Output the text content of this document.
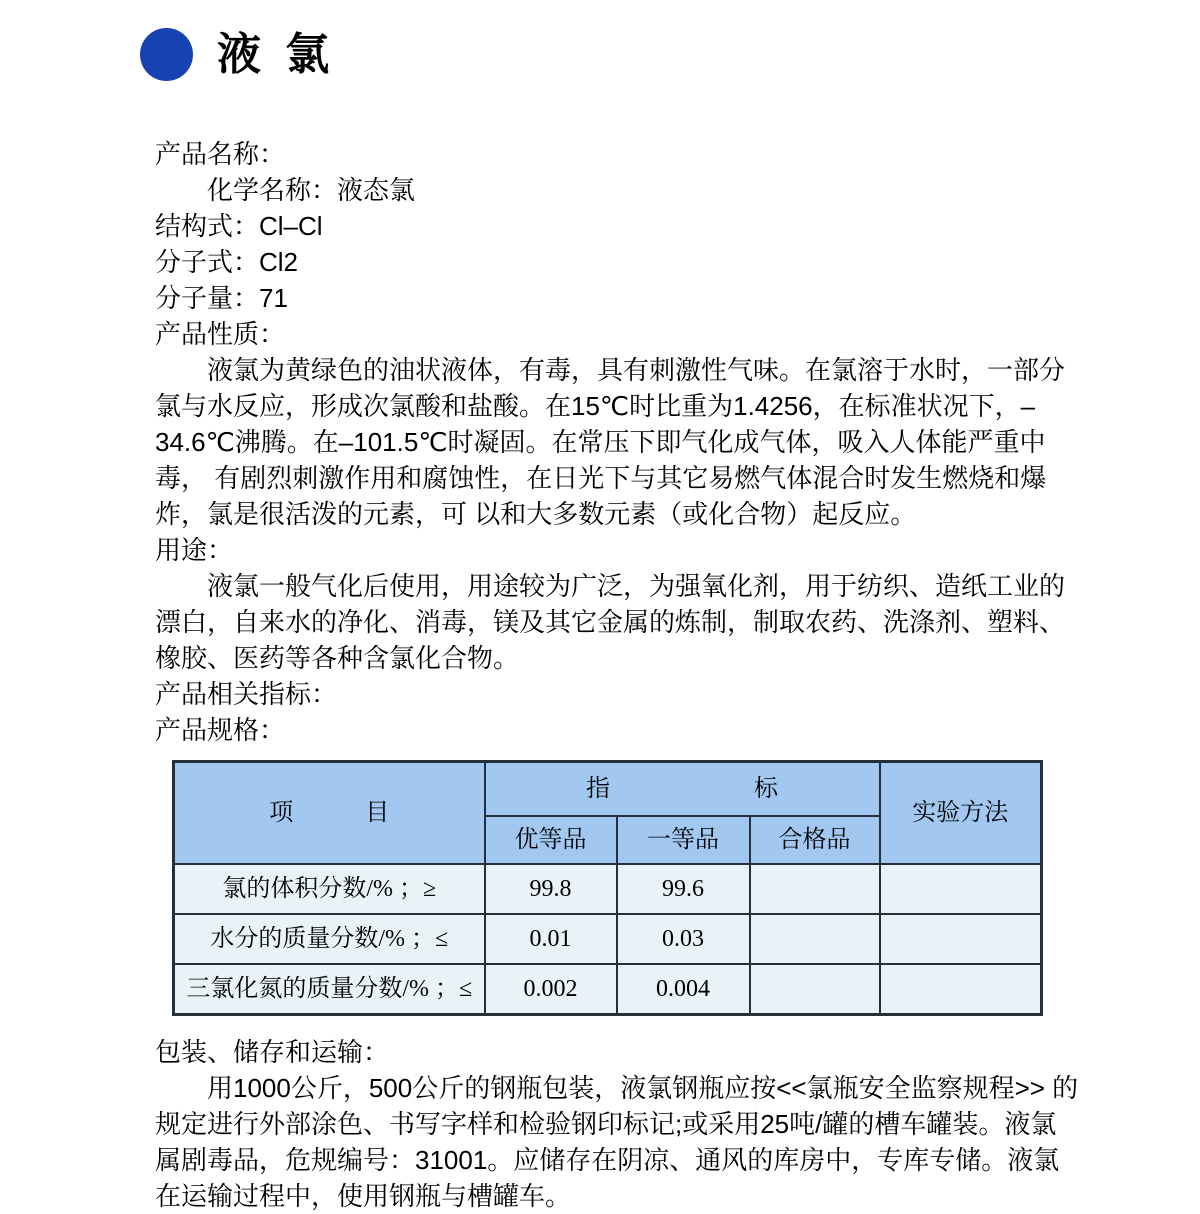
液 氯
产品名称：
化学名称：液态氯
结构式：Cl–Cl
分子式：Cl2
分子量：71
产品性质：
液氯为黄绿色的油状液体，有毒，具有刺激性气味。在氯溶于水时，一部分
氯与水反应，形成次氯酸和盐酸。在15℃时比重为1.4256，在标准状况下，–
34.6℃沸腾。在–101.5℃时凝固。在常压下即气化成气体，吸入人体能严重中
毒， 有剧烈刺激作用和腐蚀性，在日光下与其它易燃气体混合时发生燃烧和爆
炸，氯是很活泼的元素，可 以和大多数元素（或化合物）起反应。
用途：
液氯一般气化后使用，用途较为广泛，为强氧化剂，用于纺织、造纸工业的
漂白，自来水的净化、消毒，镁及其它金属的炼制，制取农药、洗涤剂、塑料、
橡胶、医药等各种含氯化合物。
产品相关指标：
产品规格：
项　　　目	指　　　　　　标			实验方法
	优等品	一等品	合格品	
氯的体积分数/% ；≥	99.8	99.6		
水分的质量分数/% ；≤	0.01	0.03		
三氯化氮的质量分数/% ；≤	0.002	0.004		
包装、储存和运输：
用1000公斤，500公斤的钢瓶包装，液氯钢瓶应按<<氯瓶安全监察规程>> 的
规定进行外部涂色、书写字样和检验钢印标记;或采用25吨/罐的槽车罐装。液氯
属剧毒品，危规编号：31001。应储存在阴凉、通风的库房中，专库专储。液氯
在运输过程中，使用钢瓶与槽罐车。
